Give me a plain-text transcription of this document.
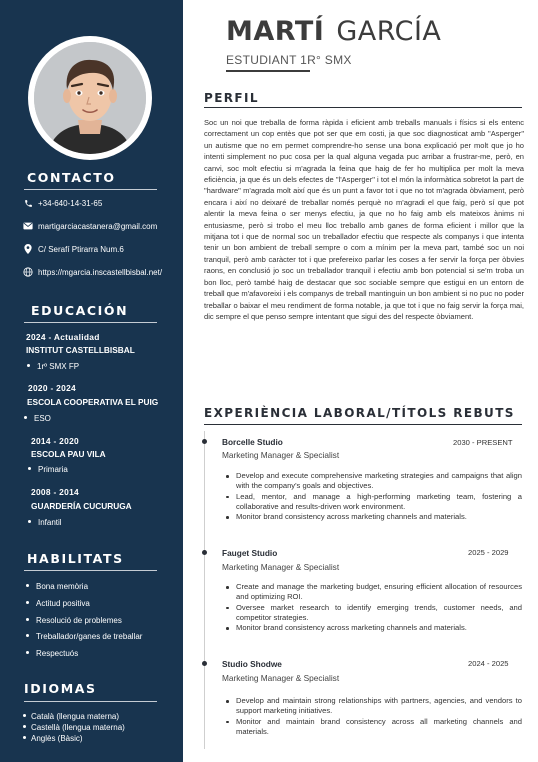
CONTACTO
+34-640-14-31-65
martigarciacastanera@gmail.com
C/ Serafí Ptirarra Num.6
https://mgarcia.inscastellbisbal.net/
EDUCACIÓN
2024 - Actualidad
INSTITUT CASTELLBISBAL
1rº SMX FP
2020 - 2024
ESCOLA COOPERATIVA EL PUIG
ESO
2014 - 2020
ESCOLA PAU VILA
Primaria
2008 - 2014
GUARDERÍA CUCURUGA
Infantil
HABILITATS
Bona memòria
Actitud positiva
Resolució de problemes
Treballador/ganes de treballar
Respectuós
IDIOMAS
Català (llengua materna)
Castellà (llengua materna)
Anglès (Bàsic)
MARTÍ GARCÍA
ESTUDIANT 1R° SMX
PERFIL

Soc un noi que treballa de forma ràpida i eficient amb treballs manuals i físics si els entenc correctament un cop entès que pot ser que em costi, ja que soc diagnosticat amb "Asperger" un autisme que no em permet comprendre-ho sense una bona explicació per molt que jo ho intenti simplement no puc cosa per la qual alguna vegada puc arribar a frustrar-me, però, en canvi, soc molt efectiu si m'agrada la feina que haig de fer ho multiplica per molt la meva eficiència, ja que és un dels efectes de "l'Asperger" i tot el món la informàtica sobretot la part de "hardware" m'agrada molt així que és un punt a favor tot i que no tot m'agrada òbviament, però encara i així no deixaré de treballar només perquè no m'agradi el que faig, però sí que pot alentir la meva feina o ser menys efectiu, ja que no ho faig amb els mateixos ànims ni entusiasme, però si trobo el meu lloc treballo amb ganes de forma eficient i millor que la mitjana tot i que de normal soc un treballador efectiu que respecte als companys i que intenta tenir un bon ambient de treball sempre o com a mínim per la meva part, també soc un noi tranquil, però amb caràcter tot i que prefereixo parlar les coses a fer servir la força per òbvies raons, en conclusió jo soc un treballador tranquil i efectiu amb bon potencial si se'm troba un bon lloc, però també haig de destacar que soc sociable sempre que estigui en un entorn de treball que m'afavoreixi i els companys de treball mantinguin un bon ambient si no puc no poder treballar o baixar el meu rendiment de forma notable, ja que tot i que no faig servir la força mai, dic sempre el que penso sempre intentant que sigui des del respecte òbviament.

EXPERIÈNCIA LABORAL/TÍTOLS REBUTS
Borcelle Studio	2030 - PRESENT
Marketing Manager & Specialist
Develop and execute comprehensive marketing strategies and campaigns that align with the company's goals and objectives.
Lead, mentor, and manage a high-performing marketing team, fostering a collaborative and results-driven work environment.
Monitor brand consistency across marketing channels and materials.
Fauget Studio	2025 - 2029
Marketing Manager & Specialist
Create and manage the marketing budget, ensuring efficient allocation of resources and optimizing ROI.
Oversee market research to identify emerging trends, customer needs, and competitor strategies.
Monitor brand consistency across marketing channels and materials.
Studio Shodwe	2024 - 2025
Marketing Manager & Specialist
Develop and maintain strong relationships with partners, agencies, and vendors to support marketing initiatives.
Monitor and maintain brand consistency across all marketing channels and materials.
